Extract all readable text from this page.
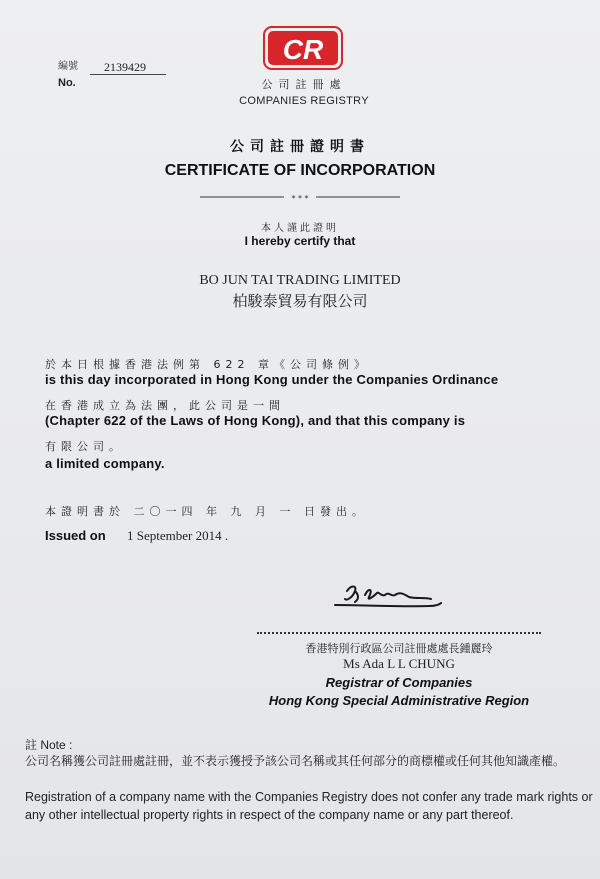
編號	2139429
No.
CR
公司註冊處
COMPANIES REGISTRY
公司註冊證明書
CERTIFICATE OF INCORPORATION
* * *
本人謹此證明
I hereby certify that
BO JUN TAI TRADING LIMITED
柏駿泰貿易有限公司
於本日根據香港法例第 622 章《公司條例》
is this day incorporated in Hong Kong under the Companies Ordinance
在香港成立為法團，此公司是一間
(Chapter 622 of the Laws of Hong Kong), and that this company is
有限公司。
a limited company.
本證明書於 二〇一四 年 九 月 一 日發出。
Issued on 1 September 2014 .
香港特別行政區公司註冊處處長鍾麗玲
Ms Ada L L CHUNG
Registrar of Companies
Hong Kong Special Administrative Region
註 Note :
公司名稱獲公司註冊處註冊，並不表示獲授予該公司名稱或其任何部分的商標權或任何其他知識產權。
Registration of a company name with the Companies Registry does not confer any trade mark rights or any other intellectual property rights in respect of the company name or any part thereof.
